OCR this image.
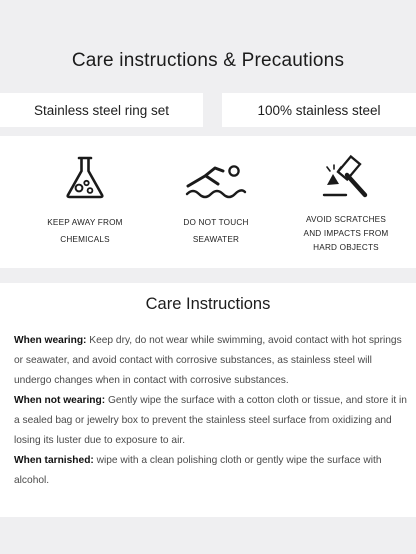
Care instructions & Precautions
Stainless steel ring set	100% stainless steel
KEEP AWAY FROM
CHEMICALS
DO NOT TOUCH
SEAWATER
AVOID SCRATCHES
AND IMPACTS FROM
HARD OBJECTS
Care Instructions

When wearing: Keep dry, do not wear while swimming, avoid contact with hot springs or seawater, and avoid contact with corrosive substances, as stainless steel will undergo changes when in contact with corrosive substances.

When not wearing: Gently wipe the surface with a cotton cloth or tissue, and store it in a sealed bag or jewelry box to prevent the stainless steel surface from oxidizing and losing its luster due to exposure to air.

When tarnished: wipe with a clean polishing cloth or gently wipe the surface with alcohol.
